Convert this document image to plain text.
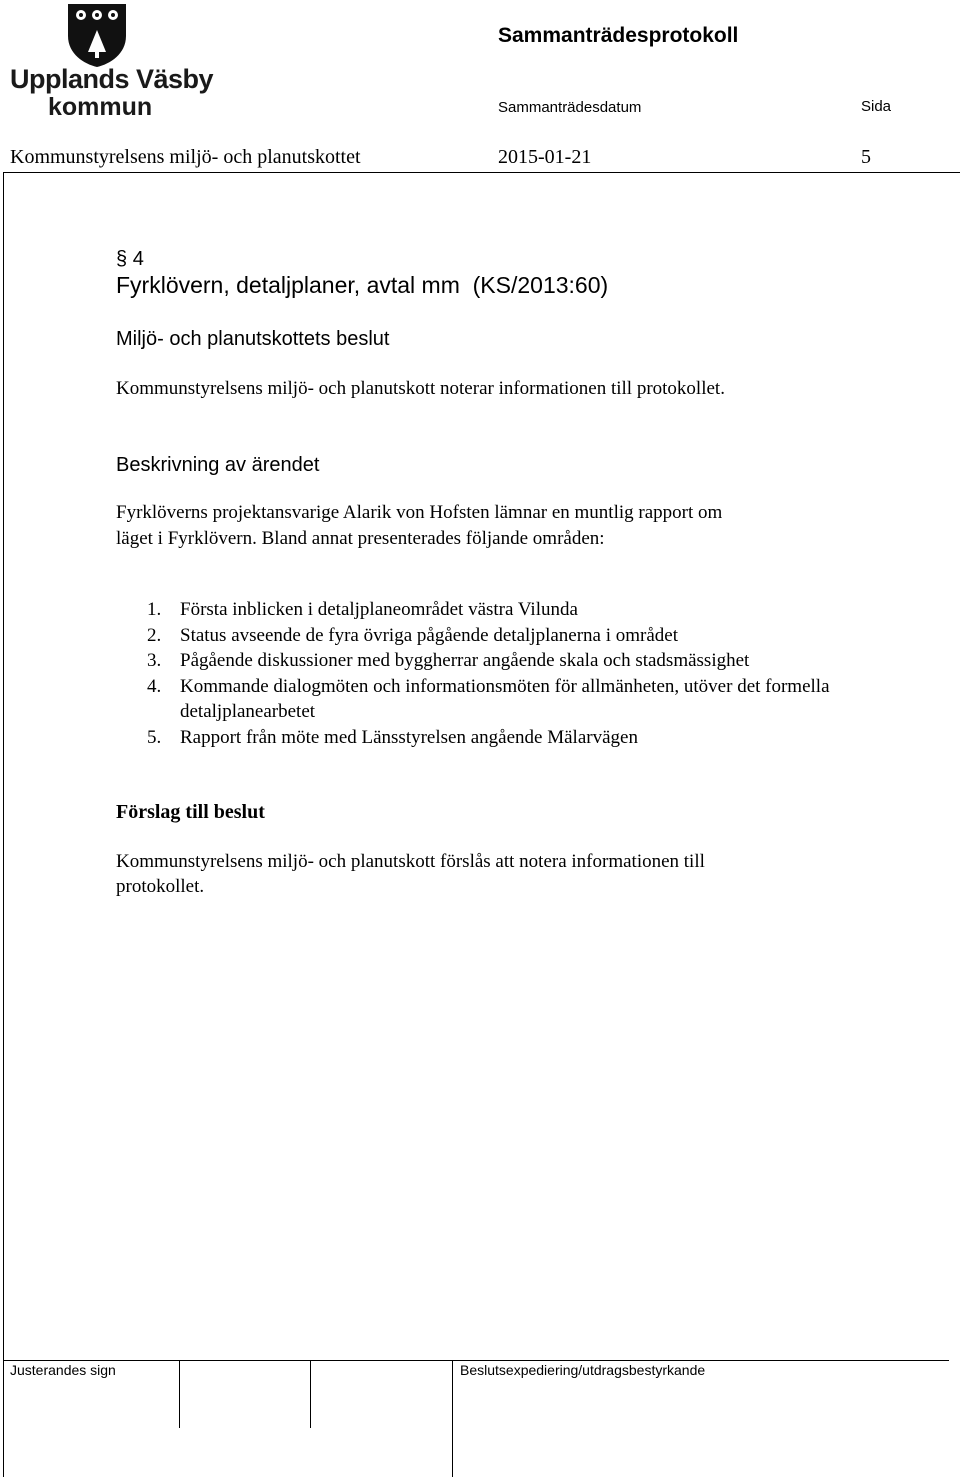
Upplands Väsby
kommun
Sammanträdesprotokoll
Sammanträdesdatum	Sida
Kommunstyrelsens miljö- och planutskottet	2015-01-21	5
§ 4
Fyrklövern, detaljplaner, avtal mm  (KS/2013:60)
Miljö- och planutskottets beslut
Kommunstyrelsens miljö- och planutskott noterar informationen till protokollet.
Beskrivning av ärendet
Fyrklöverns projektansvarige Alarik von Hofsten lämnar en muntlig rapport om
läget i Fyrklövern. Bland annat presenterades följande områden:
1. Första inblicken i detaljplaneområdet västra Vilunda
2. Status avseende de fyra övriga pågående detaljplanerna i området
3. Pågående diskussioner med byggherrar angående skala och stadsmässighet
4. Kommande dialogmöten och informationsmöten för allmänheten, utöver det formella detaljplanearbetet
5. Rapport från möte med Länsstyrelsen angående Mälarvägen
Förslag till beslut
Kommunstyrelsens miljö- och planutskott förslås att notera informationen till
protokollet.
Justerandes sign	Beslutsexpediering/utdragsbestyrkande
